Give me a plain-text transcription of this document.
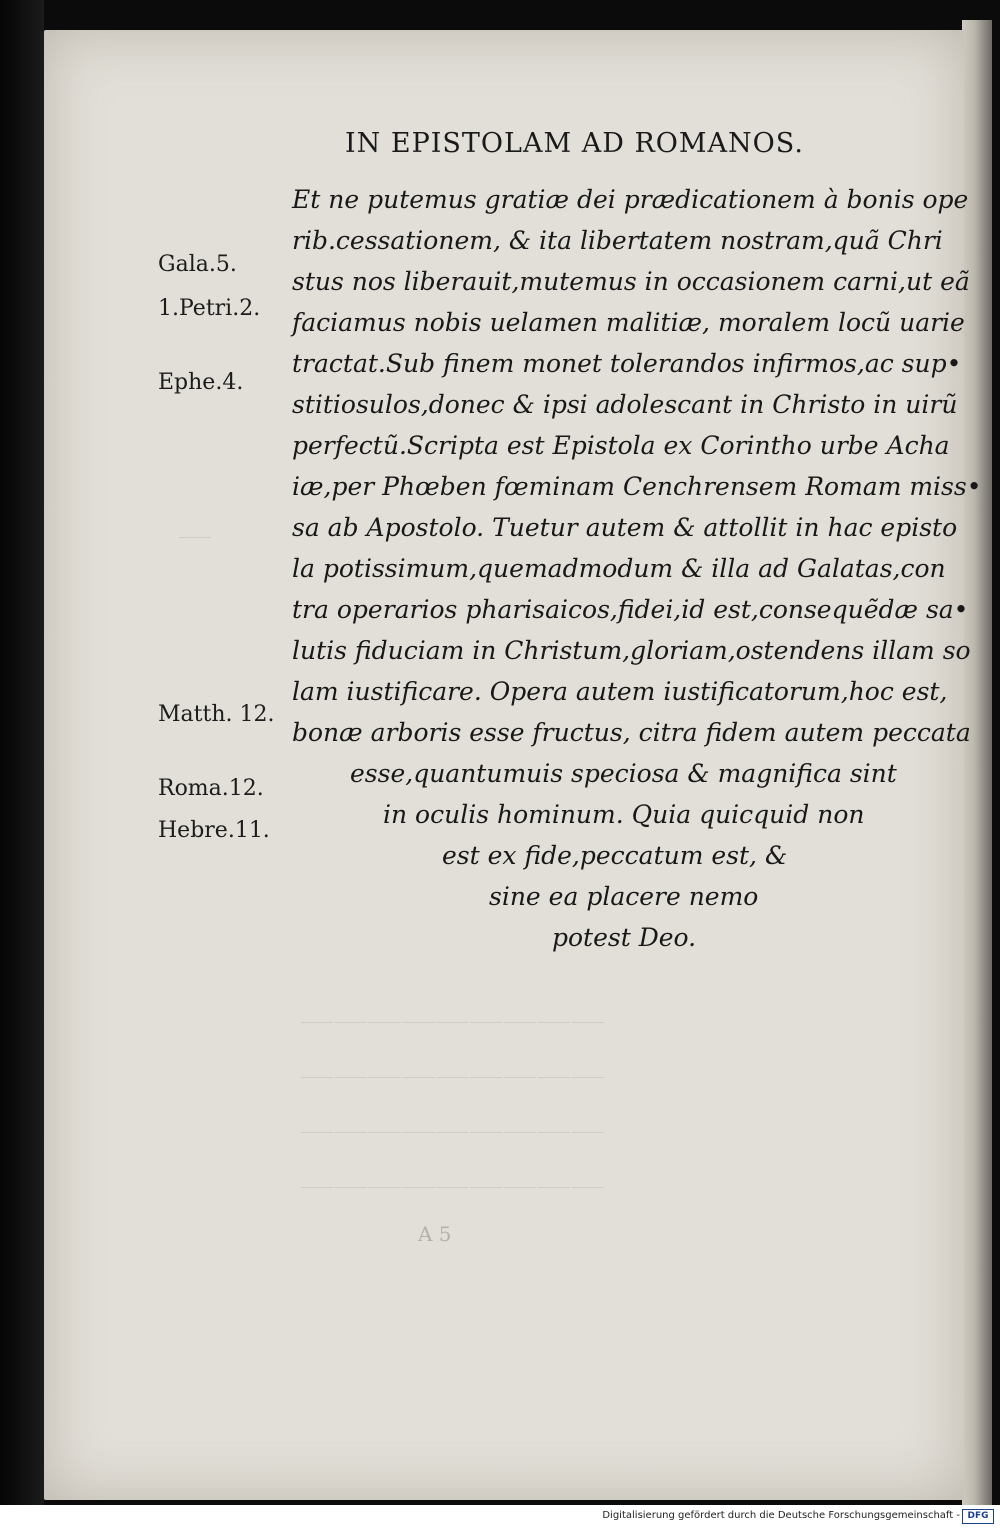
⸺
⸺⸺⸺⸺⸺⸺⸺⸺⸺
⸺⸺⸺⸺⸺⸺⸺⸺⸺
⸺⸺⸺⸺⸺⸺⸺⸺⸺
⸺⸺⸺⸺⸺⸺⸺⸺⸺
IN EPISTOLAM AD ROMANOS.
Et ne putemus gratiæ dei prædicationem à bonis ope
rib.cessationem, & ita libertatem nostram,quã Chri
stus nos liberauit,mutemus in occasionem carni,ut eã
faciamus nobis uelamen malitiæ, moralem locũ uarie
tractat.Sub finem monet tolerandos infirmos,ac sup•
stitiosulos,donec & ipsi adolescant in Christo in uirũ
perfectũ.Scripta est Epistola ex Corintho urbe Acha
iæ,per Phœben fœminam Cenchrensem Romam miss•
sa ab Apostolo. Tuetur autem & attollit in hac episto
la potissimum,quemadmodum & illa ad Galatas,con
tra operarios pharisaicos,fidei,id est,consequẽdæ sa•
lutis fiduciam in Christum,gloriam,ostendens illam so
lam iustificare. Opera autem iustificatorum,hoc est,
bonæ arboris esse fructus, citra fidem autem peccata
esse,quantumuis speciosa & magnifica sint
in oculis hominum. Quia quicquid non
est ex fide,peccatum est, &
sine ea placere nemo
potest Deo.
Gala.5.
1.Petri.2.
Ephe.4.
Matth. 12.
Roma.12.
Hebre.11.
A 5
Digitalisierung gefördert durch die Deutsche Forschungsgemeinschaft - DFG
